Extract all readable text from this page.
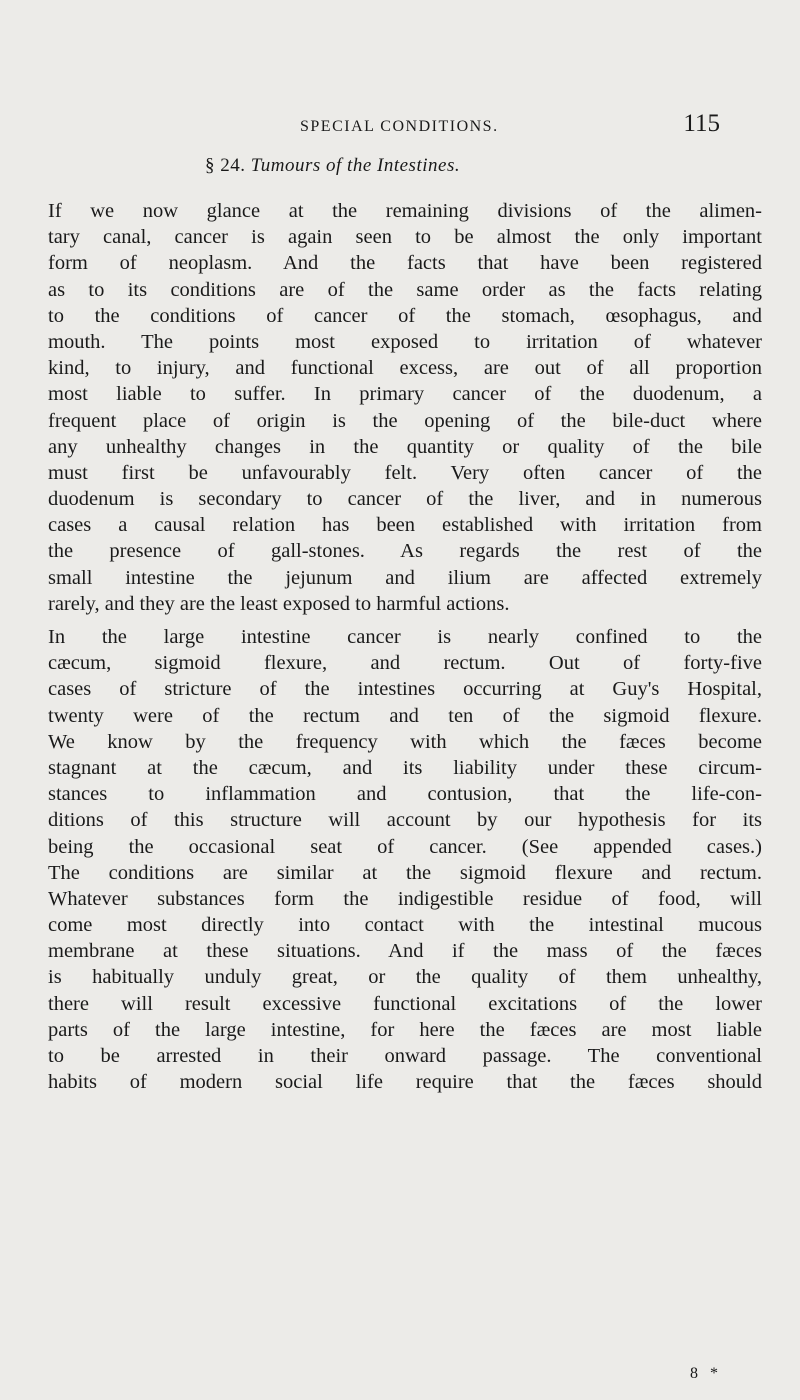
SPECIAL CONDITIONS.	115
§ 24. Tumours of the Intestines.
If we now glance at the remaining divisions of the alimen-
tary canal, cancer is again seen to be almost the only important
form of neoplasm. And the facts that have been registered
as to its conditions are of the same order as the facts relating
to the conditions of cancer of the stomach, œsophagus, and
mouth. The points most exposed to irritation of whatever
kind, to injury, and functional excess, are out of all proportion
most liable to suffer. In primary cancer of the duodenum, a
frequent place of origin is the opening of the bile-duct where
any unhealthy changes in the quantity or quality of the bile
must first be unfavourably felt. Very often cancer of the
duodenum is secondary to cancer of the liver, and in numerous
cases a causal relation has been established with irritation from
the presence of gall-stones. As regards the rest of the
small intestine the jejunum and ilium are affected extremely
rarely, and they are the least exposed to harmful actions.
In the large intestine cancer is nearly confined to the
cæcum, sigmoid flexure, and rectum. Out of forty-five
cases of stricture of the intestines occurring at Guy's Hospital,
twenty were of the rectum and ten of the sigmoid flexure.
We know by the frequency with which the fæces become
stagnant at the cæcum, and its liability under these circum-
stances to inflammation and contusion, that the life-con-
ditions of this structure will account by our hypothesis for its
being the occasional seat of cancer. (See appended cases.)
The conditions are similar at the sigmoid flexure and rectum.
Whatever substances form the indigestible residue of food, will
come most directly into contact with the intestinal mucous
membrane at these situations. And if the mass of the fæces
is habitually unduly great, or the quality of them unhealthy,
there will result excessive functional excitations of the lower
parts of the large intestine, for here the fæces are most liable
to be arrested in their onward passage. The conventional
habits of modern social life require that the fæces should
8 *
